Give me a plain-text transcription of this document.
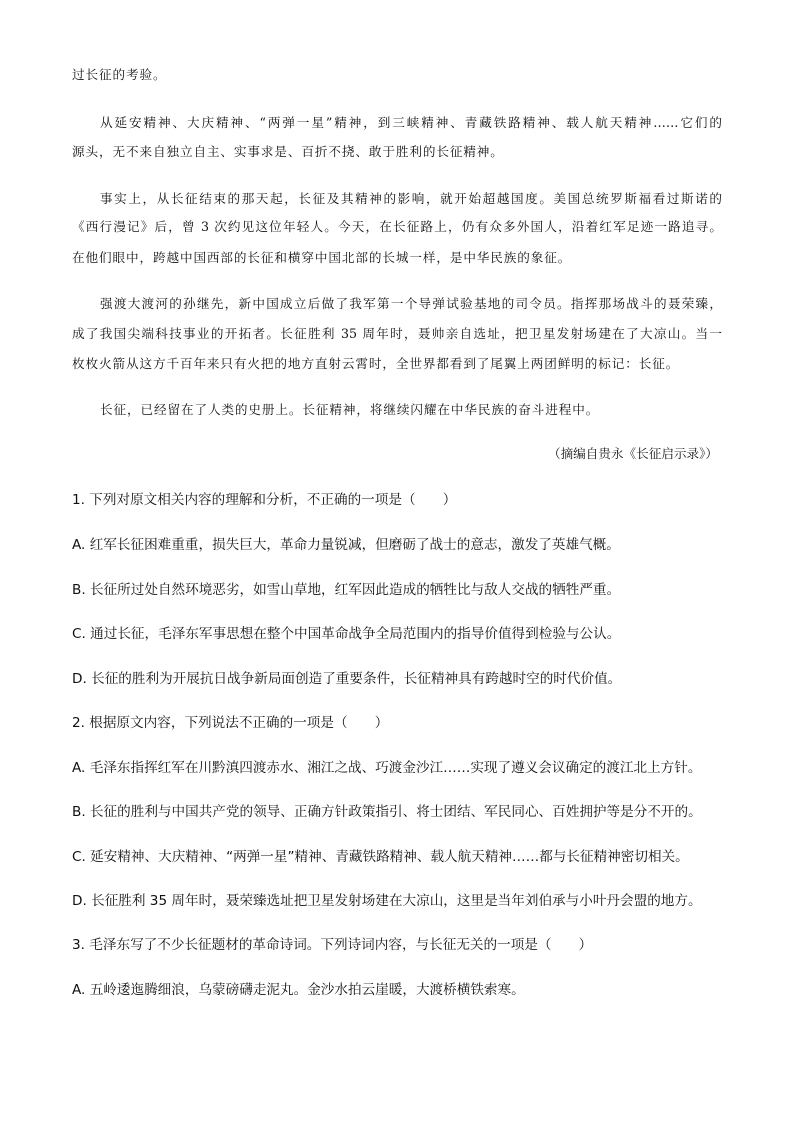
过长征的考验。
从延安精神、大庆精神、“两弹一星”精神，到三峡精神、青藏铁路精神、载人航天精神……它们的
源头，无不来自独立自主、实事求是、百折不挠、敢于胜利的长征精神。
事实上，从长征结束的那天起，长征及其精神的影响，就开始超越国度。美国总统罗斯福看过斯诺的
《西行漫记》后，曾 3 次约见这位年轻人。今天，在长征路上，仍有众多外国人，沿着红军足迹一路追寻。
在他们眼中，跨越中国西部的长征和横穿中国北部的长城一样，是中华民族的象征。
强渡大渡河的孙继先，新中国成立后做了我军第一个导弹试验基地的司令员。指挥那场战斗的聂荣臻，
成了我国尖端科技事业的开拓者。长征胜利 35 周年时，聂帅亲自选址，把卫星发射场建在了大凉山。当一
枚枚火箭从这方千百年来只有火把的地方直射云霄时，全世界都看到了尾翼上两团鲜明的标记：长征。
长征，已经留在了人类的史册上。长征精神，将继续闪耀在中华民族的奋斗进程中。
（摘编自贵永《长征启示录》）
1. 下列对原文相关内容的理解和分析，不正确的一项是（　　）
A. 红军长征困难重重，损失巨大，革命力量锐减，但磨砺了战士的意志，激发了英雄气概。
B. 长征所过处自然环境恶劣，如雪山草地，红军因此造成的牺牲比与敌人交战的牺牲严重。
C. 通过长征，毛泽东军事思想在整个中国革命战争全局范围内的指导价值得到检验与公认。
D. 长征的胜利为开展抗日战争新局面创造了重要条件，长征精神具有跨越时空的时代价值。
2. 根据原文内容，下列说法不正确的一项是（　　）
A. 毛泽东指挥红军在川黔滇四渡赤水、湘江之战、巧渡金沙江……实现了遵义会议确定的渡江北上方针。
B. 长征的胜利与中国共产党的领导、正确方针政策指引、将士团结、军民同心、百姓拥护等是分不开的。
C. 延安精神、大庆精神、“两弹一星”精神、青藏铁路精神、载人航天精神……都与长征精神密切相关。
D. 长征胜利 35 周年时，聂荣臻选址把卫星发射场建在大凉山，这里是当年刘伯承与小叶丹会盟的地方。
3. 毛泽东写了不少长征题材的革命诗词。下列诗词内容，与长征无关的一项是（　　）
A. 五岭逶迤腾细浪，乌蒙磅礴走泥丸。金沙水拍云崖暖，大渡桥横铁索寒。
